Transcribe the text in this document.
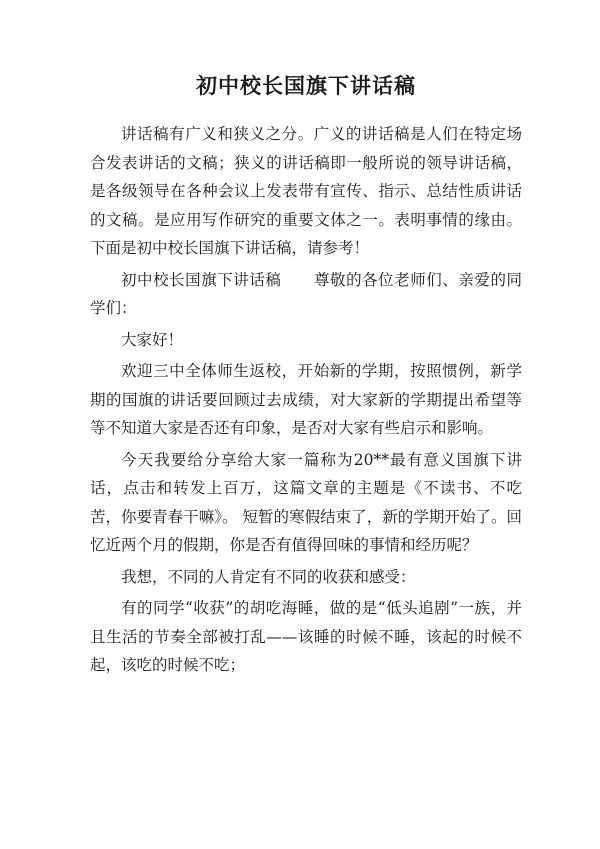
初中校长国旗下讲话稿

讲话稿有广义和狭义之分。广义的讲话稿是人们在特定场合发表讲话的文稿；狭义的讲话稿即一般所说的领导讲话稿，是各级领导在各种会议上发表带有宣传、指示、总结性质讲话的文稿。是应用写作研究的重要文体之一。表明事情的缘由。下面是初中校长国旗下讲话稿，请参考！

初中校长国旗下讲话稿 尊敬的各位老师们、亲爱的同学们：

大家好！

欢迎三中全体师生返校，开始新的学期，按照惯例，新学期的国旗的讲话要回顾过去成绩，对大家新的学期提出希望等等不知道大家是否还有印象，是否对大家有些启示和影响。

今天我要给分享给大家一篇称为20**最有意义国旗下讲话，点击和转发上百万，这篇文章的主题是《不读书、不吃苦，你要青春干嘛》。 短暂的寒假结束了，新的学期开始了。回忆近两个月的假期，你是否有值得回味的事情和经历呢？

我想，不同的人肯定有不同的收获和感受：

有的同学“收获”的胡吃海睡，做的是“低头追剧”一族，并且生活的节奏全部被打乱——该睡的时候不睡，该起的时候不起，该吃的时候不吃；
